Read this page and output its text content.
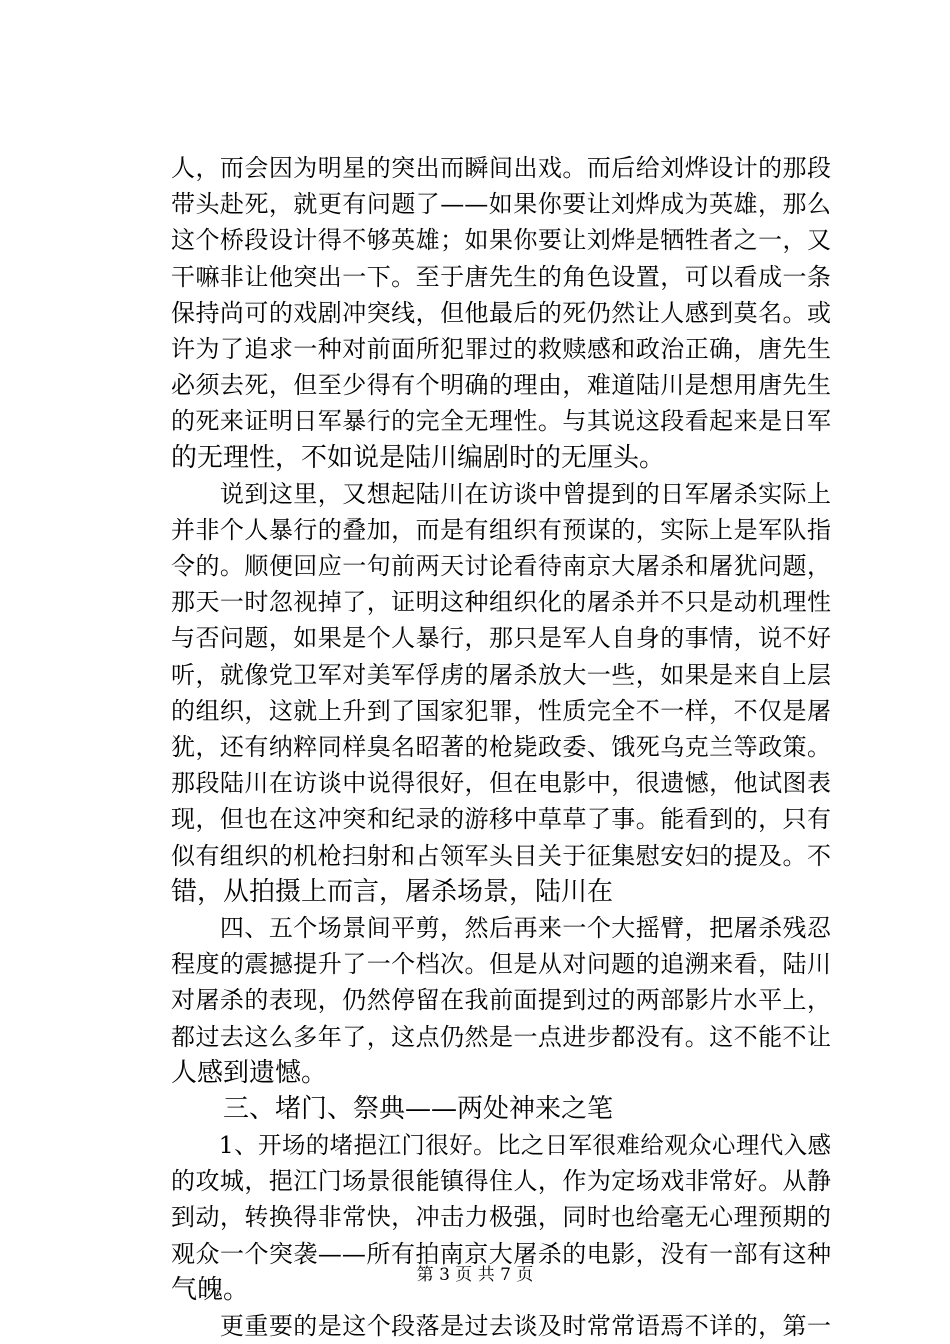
人，而会因为明星的突出而瞬间出戏。而后给刘烨设计的那段
带头赴死，就更有问题了——如果你要让刘烨成为英雄，那么
这个桥段设计得不够英雄；如果你要让刘烨是牺牲者之一，又
干嘛非让他突出一下。至于唐先生的角色设置，可以看成一条
保持尚可的戏剧冲突线，但他最后的死仍然让人感到莫名。或
许为了追求一种对前面所犯罪过的救赎感和政治正确，唐先生
必须去死，但至少得有个明确的理由，难道陆川是想用唐先生
的死来证明日军暴行的完全无理性。与其说这段看起来是日军
的无理性，不如说是陆川编剧时的无厘头。
　　说到这里，又想起陆川在访谈中曾提到的日军屠杀实际上
并非个人暴行的叠加，而是有组织有预谋的，实际上是军队指
令的。顺便回应一句前两天讨论看待南京大屠杀和屠犹问题，
那天一时忽视掉了，证明这种组织化的屠杀并不只是动机理性
与否问题，如果是个人暴行，那只是军人自身的事情，说不好
听，就像党卫军对美军俘虏的屠杀放大一些，如果是来自上层
的组织，这就上升到了国家犯罪，性质完全不一样，不仅是屠
犹，还有纳粹同样臭名昭著的枪毙政委、饿死乌克兰等政策。
那段陆川在访谈中说得很好，但在电影中，很遗憾，他试图表
现，但也在这冲突和纪录的游移中草草了事。能看到的，只有
似有组织的机枪扫射和占领军头目关于征集慰安妇的提及。不
错，从拍摄上而言，屠杀场景，陆川在
　　四、五个场景间平剪，然后再来一个大摇臂，把屠杀残忍
程度的震撼提升了一个档次。但是从对问题的追溯来看，陆川
对屠杀的表现，仍然停留在我前面提到过的两部影片水平上，
都过去这么多年了，这点仍然是一点进步都没有。这不能不让
人感到遗憾。
　　三、堵门、祭典——两处神来之笔
　　1、开场的堵挹江门很好。比之日军很难给观众心理代入感
的攻城，挹江门场景很能镇得住人，作为定场戏非常好。从静
到动，转换得非常快，冲击力极强，同时也给毫无心理预期的
观众一个突袭——所有拍南京大屠杀的电影，没有一部有这种
气魄。
　　更重要的是这个段落是过去谈及时常常语焉不详的，第一
第 3 页 共 7 页
